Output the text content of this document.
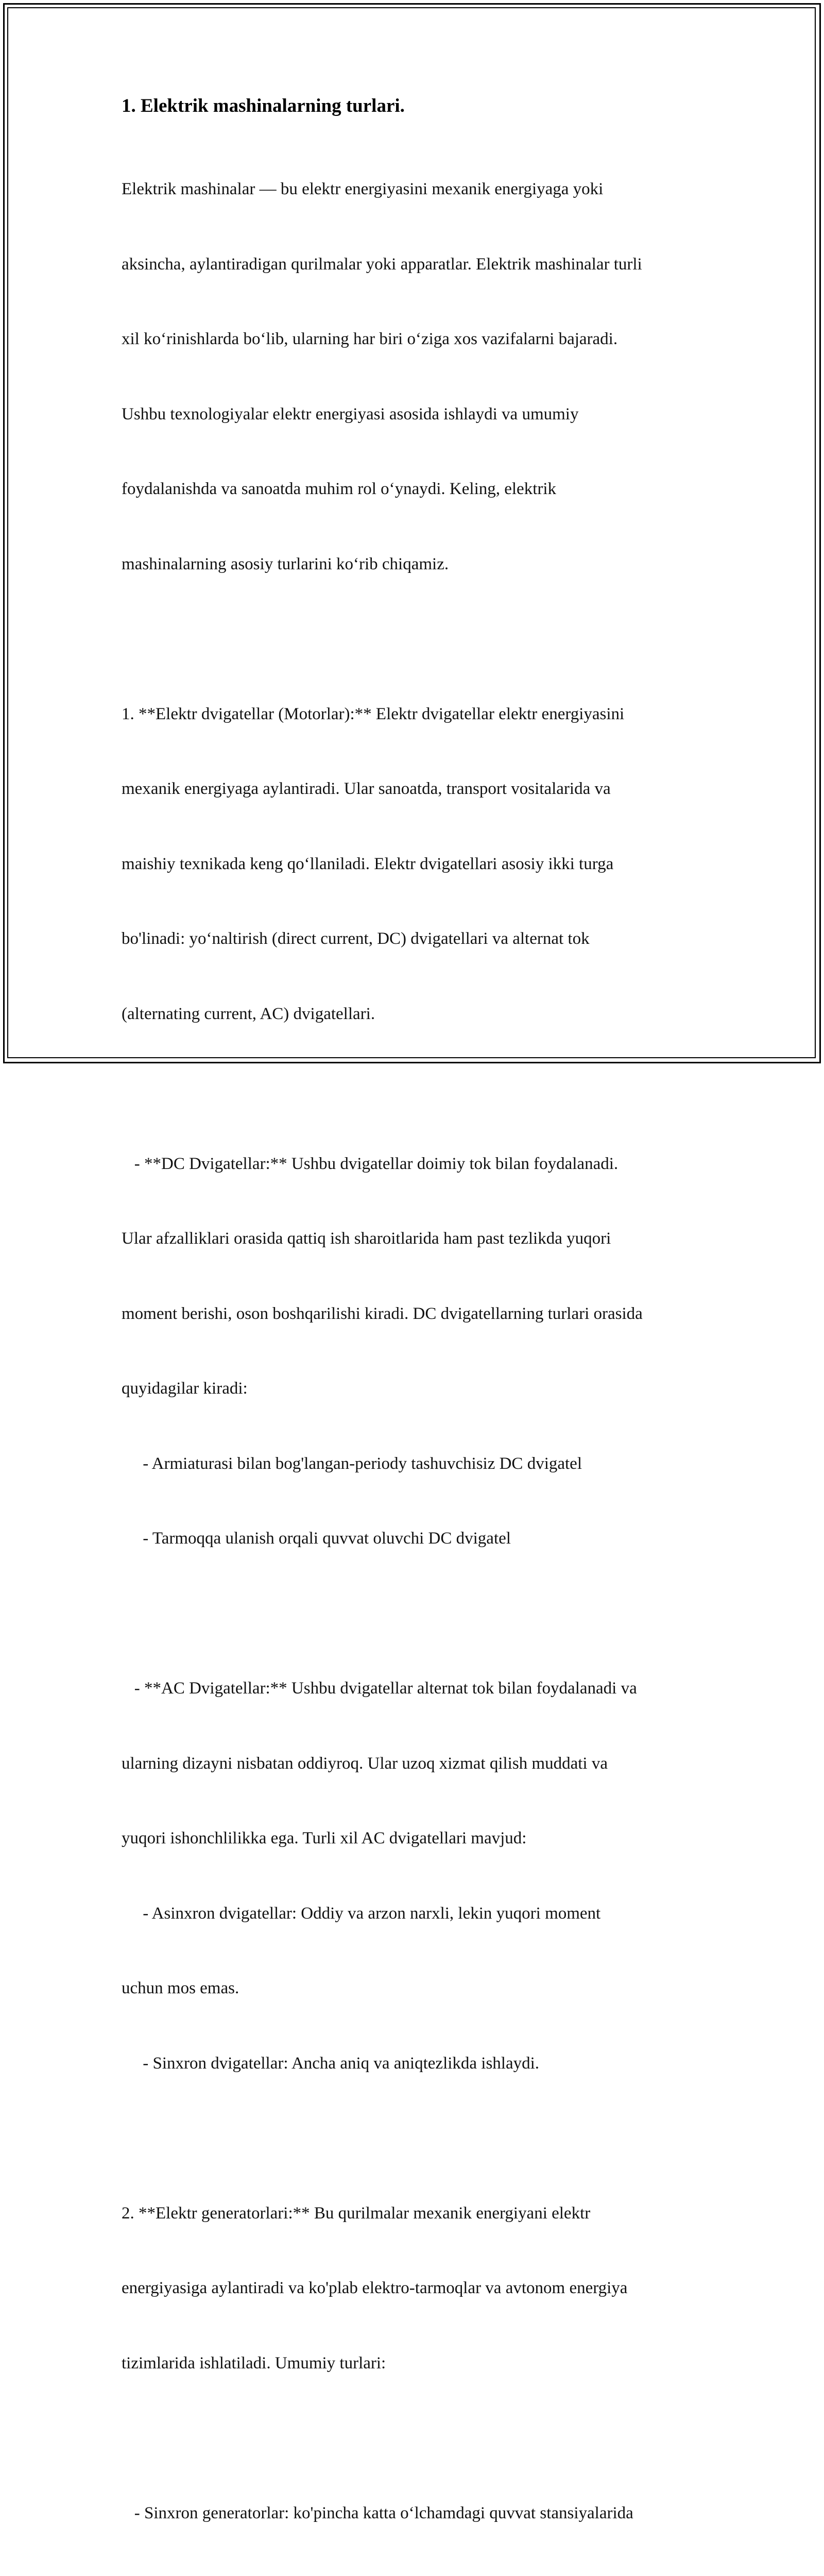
1. Elektrik mashinalarning turlari.

Elektrik mashinalar — bu elektr energiyasini mexanik energiyaga yoki

aksincha, aylantiradigan qurilmalar yoki apparatlar. Elektrik mashinalar turli

xil koʻrinishlarda boʻlib, ularning har biri oʻziga xos vazifalarni bajaradi.

Ushbu texnologiyalar elektr energiyasi asosida ishlaydi va umumiy

foydalanishda va sanoatda muhim rol oʻynaydi. Keling, elektrik

mashinalarning asosiy turlarini koʻrib chiqamiz.

1. **Elektr dvigatellar (Motorlar):** Elektr dvigatellar elektr energiyasini

mexanik energiyaga aylantiradi. Ular sanoatda, transport vositalarida va

maishiy texnikada keng qoʻllaniladi. Elektr dvigatellari asosiy ikki turga

bo'linadi: yoʻnaltirish (direct current, DC) dvigatellari va alternat tok

(alternating current, AC) dvigatellari.

- **DC Dvigatellar:** Ushbu dvigatellar doimiy tok bilan foydalanadi.

Ular afzalliklari orasida qattiq ish sharoitlarida ham past tezlikda yuqori

moment berishi, oson boshqarilishi kiradi. DC dvigatellarning turlari orasida

quyidagilar kiradi:

- Armiaturasi bilan bog'langan-periody tashuvchisiz DC dvigatel

- Tarmoqqa ulanish orqali quvvat oluvchi DC dvigatel

- **AC Dvigatellar:** Ushbu dvigatellar alternat tok bilan foydalanadi va

ularning dizayni nisbatan oddiyroq. Ular uzoq xizmat qilish muddati va

yuqori ishonchlilikka ega. Turli xil AC dvigatellari mavjud:

- Asinxron dvigatellar: Oddiy va arzon narxli, lekin yuqori moment

uchun mos emas.

- Sinxron dvigatellar: Ancha aniq va aniqtezlikda ishlaydi.

2. **Elektr generatorlari:** Bu qurilmalar mexanik energiyani elektr

energiyasiga aylantiradi va ko'plab elektro-tarmoqlar va avtonom energiya

tizimlarida ishlatiladi. Umumiy turlari:

- Sinxron generatorlar: ko'pincha katta oʻlchamdagi quvvat stansiyalarida
